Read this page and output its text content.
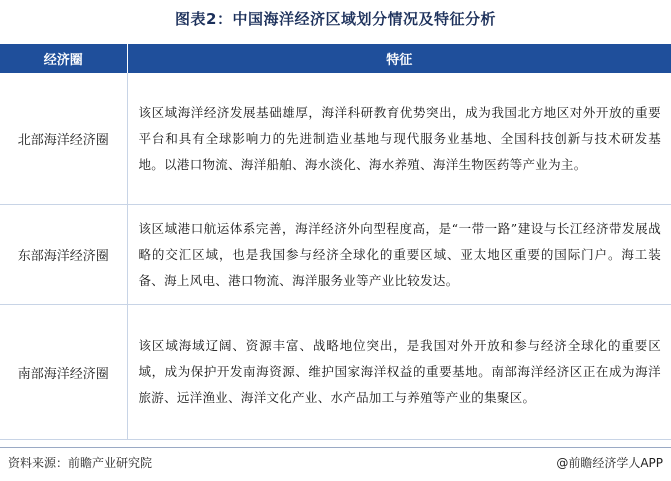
图表2：中国海洋经济区域划分情况及特征分析
经济圈	特征
北部海洋经济圈	该区域海洋经济发展基础雄厚，海洋科研教育优势突出，成为我国北方地区对外开放的重要平台和具有全球影响力的先进制造业基地与现代服务业基地、全国科技创新与技术研发基地。以港口物流、海洋船舶、海水淡化、海水养殖、海洋生物医药等产业为主。
东部海洋经济圈	该区域港口航运体系完善，海洋经济外向型程度高，是“一带一路”建设与长江经济带发展战略的交汇区域，也是我国参与经济全球化的重要区域、亚太地区重要的国际门户。海工装备、海上风电、港口物流、海洋服务业等产业比较发达。
南部海洋经济圈	该区域海域辽阔、资源丰富、战略地位突出，是我国对外开放和参与经济全球化的重要区域，成为保护开发南海资源、维护国家海洋权益的重要基地。南部海洋经济区正在成为海洋旅游、远洋渔业、海洋文化产业、水产品加工与养殖等产业的集聚区。
资料来源：前瞻产业研究院	@前瞻经济学人APP
